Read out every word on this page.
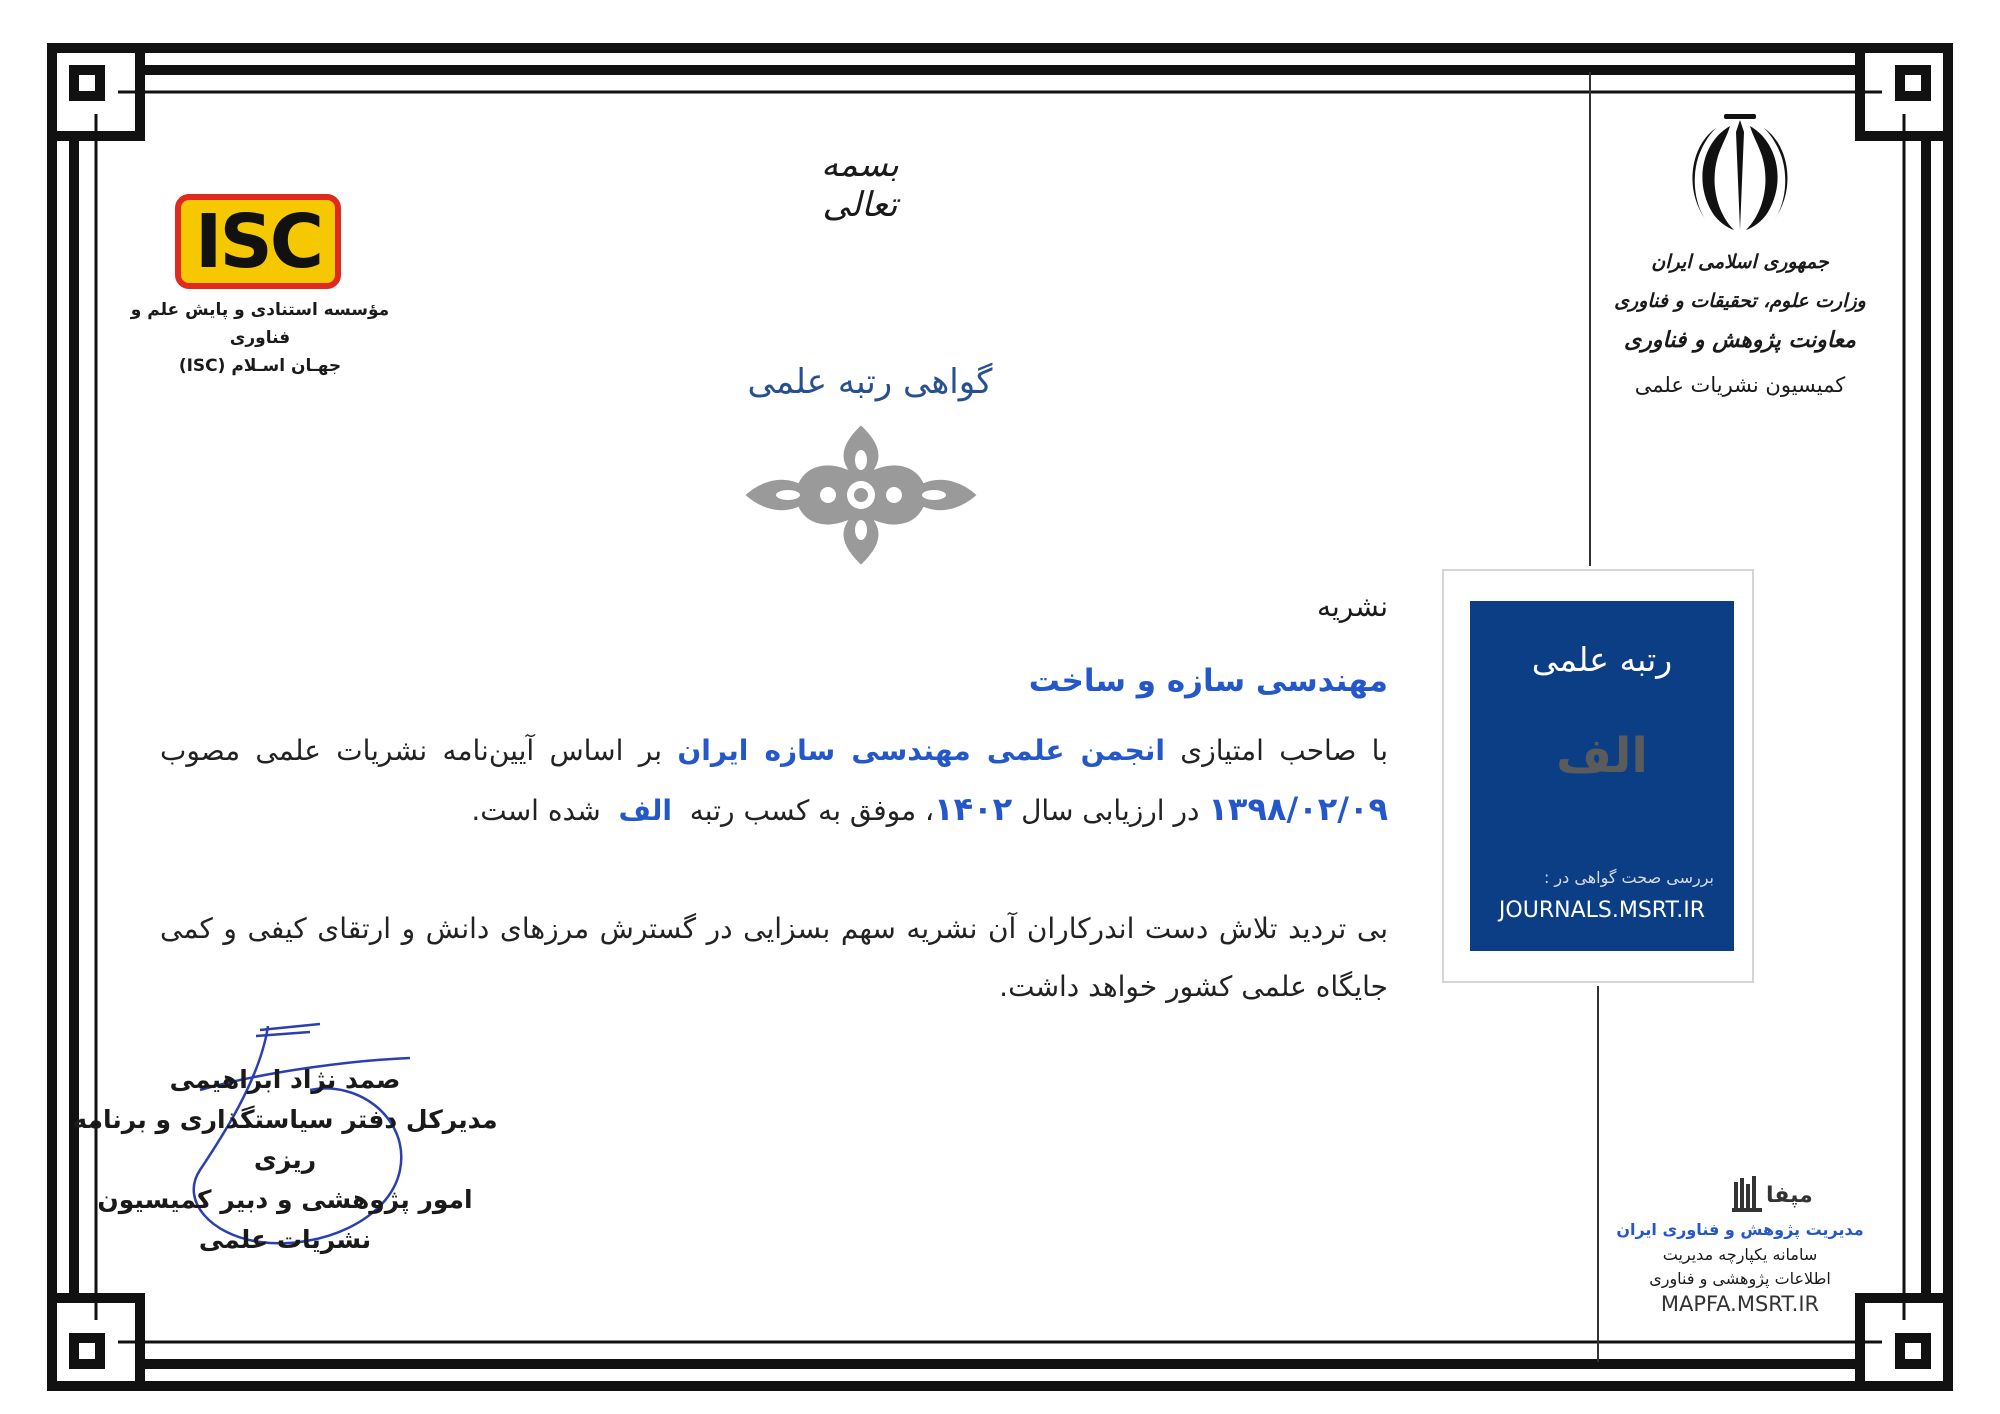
ISC
مؤسسه استنادی و پایش علم و فناوری
جهـان اسـلام (ISC)
بسمه تعالی
گواهی رتبه علمی
نشریه
مهندسی سازه و ساخت
با صاحب امتیازی انجمن علمی مهندسی سازه ایران بر اساس آیین‌نامه نشریات علمی مصوب ۱۳۹۸/۰۲/۰۹ در ارزیابی سال ۱۴۰۲، موفق به کسب رتبه  الف  شده است.
بی تردید تلاش دست اندرکاران آن نشریه سهم بسزایی در گسترش مرزهای دانش و ارتقای کیفی و کمی جایگاه علمی کشور خواهد داشت.
صمد نژاد ابراهیمی
مدیرکل دفتر سیاستگذاری و برنامه ریزی
امور پژوهشی و دبیر کمیسیون
نشریات علمی
جمهوری اسلامی ایران
وزارت علوم، تحقیقات و فناوری
معاونت پژوهش و فناوری
کمیسیون نشریات علمی
رتبه علمی
الف
بررسی صحت گواهی در :
JOURNALS.MSRT.IR
مپفا
مدیریت پژوهش و فناوری ایران
سامانه یکپارچه مدیریت
اطلاعات پژوهشی و فناوری
MAPFA.MSRT.IR
